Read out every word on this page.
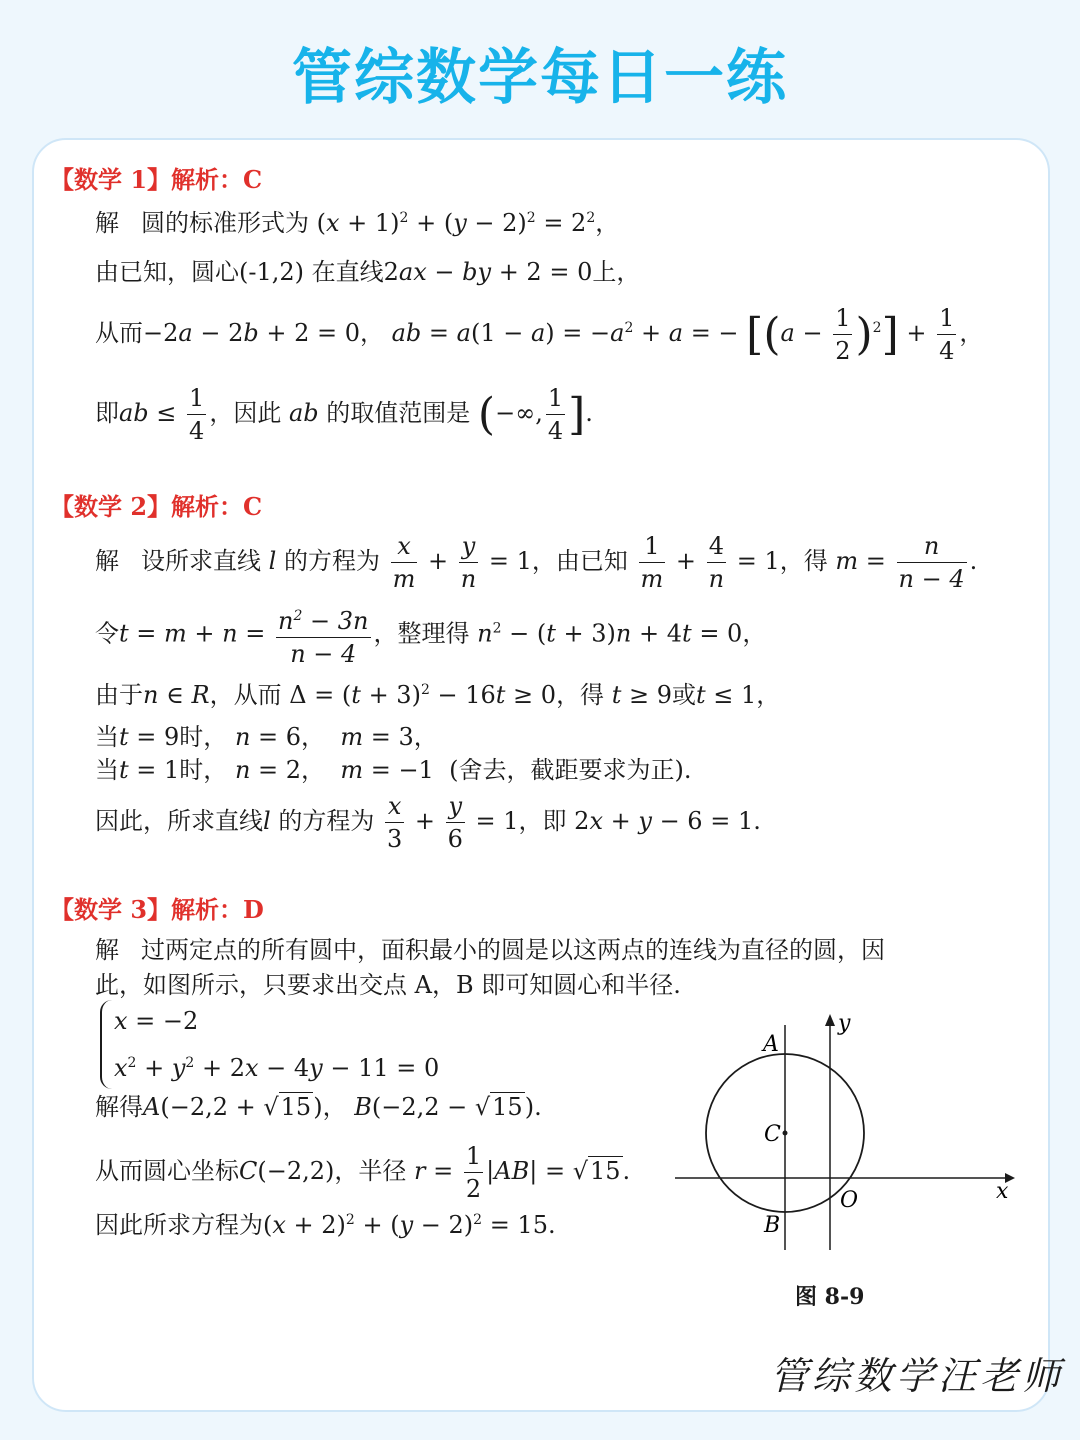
管综数学每日一练
【数学 1】解析：C
解 圆的标准形式为 $(x + 1)^2 + (y - 2)^2 = 2^2$，
由已知，圆心(-1,2) 在直线2ax − by + 2 = 0上，
从而−2a − 2b + 2 = 0， ab = $a(1 - a) = -a^2 + a$ = − $[(a - \frac{1}{2} )^2] + \frac{1}{4}$ ，
即ab ≤ $\frac{1}{4}$ ，因此 ab 的取值范围是 (−∞, $\frac{1}{4}$ ].
【数学 2】解析：C
解 设所求直线 l 的方程为 $\frac{x}{m} + \frac{y}{n} = 1$，由已知 $\frac{1}{m} + \frac{4}{n} = 1$，得 $m = \frac{n}{n - 4}$ .
令$t = m + n = \frac{n^2 - 3n}{n - 4}$ ，整理得 $n^2 - (t + 3)n + 4t = 0$，
由于n ∈ R，从而 $\Delta = (t + 3)^2 - 16t \ge 0$，得 t ≥ 9或t ≤ 1，
当t = 9时， n = 6，  m = 3，
当t = 1时， n = 2，  m = −1  (舍去，截距要求为正).
因此，所求直线l 的方程为 $\frac{x}{3} + \frac{y}{6} = 1$，即 2x + y − 6 = 1.
【数学 3】解析：D
解 过两定点的所有圆中，面积最小的圆是以这两点的连线为直径的圆，因
此，如图所示，只要求出交点 A，B 即可知圆心和半径.
x = −2
$x^2 + y^2 + 2x - 4y - 11 = 0$
解得A(−2,2 + √15)， B(−2,2 − √15).
从而圆心坐标C(−2,2)，半径 $r = \frac{1}{2} |AB| = √15$.
因此所求方程为$(x + 2)^2 + (y - 2)^2 = 15$.
A
C
B
O	x
y
图 8-9
管综数学汪老师
